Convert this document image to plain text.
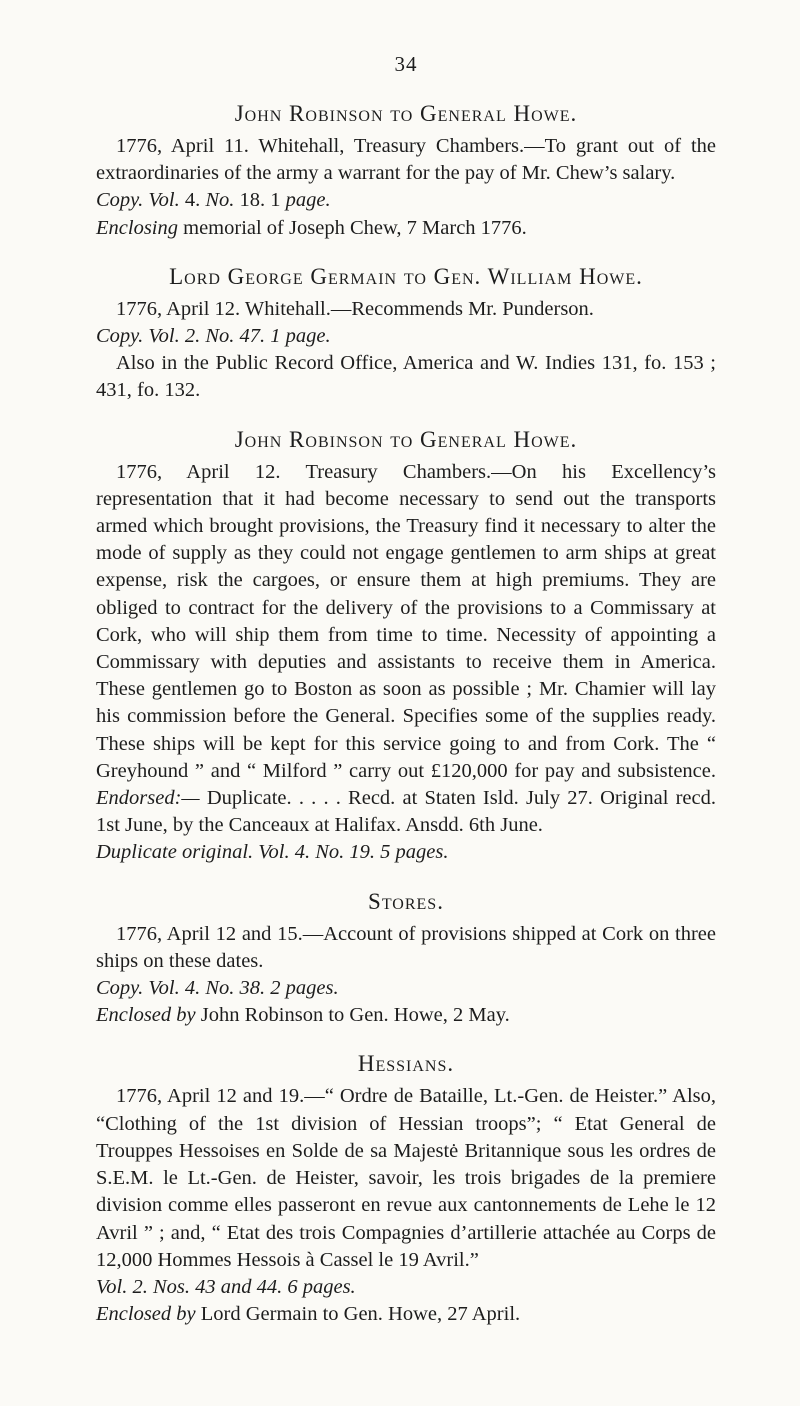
34
John Robinson to General Howe.

1776, April 11. Whitehall, Treasury Chambers.—To grant out of the extraordinaries of the army a warrant for the pay of Mr. Chew’s salary.

Copy. Vol. 4. No. 18. 1 page.

Enclosing memorial of Joseph Chew, 7 March 1776.

Lord George Germain to Gen. William Howe.

1776, April 12. Whitehall.—Recommends Mr. Punderson.

Copy. Vol. 2. No. 47. 1 page.

Also in the Public Record Office, America and W. Indies 131, fo. 153 ; 431, fo. 132.

John Robinson to General Howe.

1776, April 12. Treasury Chambers.—On his Excellency’s representation that it had become necessary to send out the transports armed which brought provisions, the Treasury find it necessary to alter the mode of supply as they could not engage gentlemen to arm ships at great expense, risk the cargoes, or ensure them at high premiums. They are obliged to contract for the delivery of the provisions to a Commissary at Cork, who will ship them from time to time. Necessity of appointing a Commissary with deputies and assistants to receive them in America. These gentlemen go to Boston as soon as possible ; Mr. Chamier will lay his commission before the General. Specifies some of the supplies ready. These ships will be kept for this service going to and from Cork. The “ Greyhound ” and “ Milford ” carry out £120,000 for pay and subsistence. Endorsed:— Duplicate. . . . . Recd. at Staten Isld. July 27. Original recd. 1st June, by the Canceaux at Halifax. Ansdd. 6th June.

Duplicate original. Vol. 4. No. 19. 5 pages.

Stores.

1776, April 12 and 15.—Account of provisions shipped at Cork on three ships on these dates.

Copy. Vol. 4. No. 38. 2 pages.

Enclosed by John Robinson to Gen. Howe, 2 May.

Hessians.

1776, April 12 and 19.—“ Ordre de Bataille, Lt.-Gen. de Heister.” Also, “Clothing of the 1st division of Hessian troops”; “ Etat General de Trouppes Hessoises en Solde de sa Majestė Britannique sous les ordres de S.E.M. le Lt.-Gen. de Heister, savoir, les trois brigades de la premiere division comme elles passeront en revue aux cantonnements de Lehe le 12 Avril ” ; and, “ Etat des trois Compagnies d’artillerie attachée au Corps de 12,000 Hommes Hessois à Cassel le 19 Avril.”

Vol. 2. Nos. 43 and 44. 6 pages.

Enclosed by Lord Germain to Gen. Howe, 27 April.
